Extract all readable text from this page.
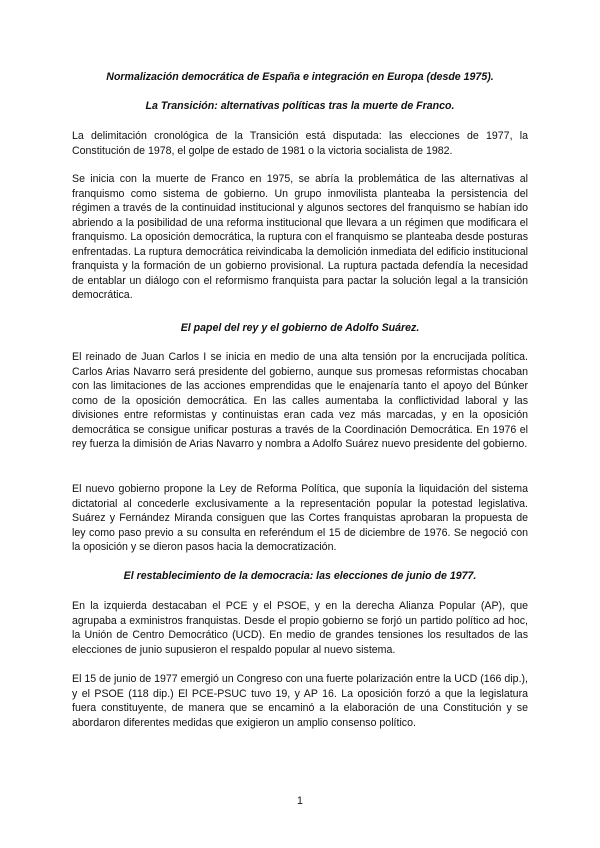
Normalización democrática de España e integración en Europa (desde 1975).
La Transición: alternativas políticas tras la muerte de Franco.

La delimitación cronológica de la Transición está disputada: las elecciones de 1977, la Constitución de 1978, el golpe de estado de 1981 o la victoria socialista de 1982.

Se inicia con la muerte de Franco en 1975, se abría la problemática de las alternativas al franquismo como sistema de gobierno. Un grupo inmovilista planteaba la persistencia del régimen a través de la continuidad institucional y algunos sectores del franquismo se habían ido abriendo a la posibilidad de una reforma institucional que llevara a un régimen que modificara el franquismo. La oposición democrática, la ruptura con el franquismo se planteaba desde posturas enfrentadas. La ruptura democrática reivindicaba la demolición inmediata del edificio institucional franquista y la formación de un gobierno provisional. La ruptura pactada defendía la necesidad de entablar un diálogo con el reformismo franquista para pactar la solución legal a la transición democrática.

El papel del rey y el gobierno de Adolfo Suárez.

El reinado de Juan Carlos I se inicia en medio de una alta tensión por la encrucijada política. Carlos Arias Navarro será presidente del gobierno, aunque sus promesas reformistas chocaban con las limitaciones de las acciones emprendidas que le enajenaría tanto el apoyo del Búnker como de la oposición democrática. En las calles aumentaba la conflictividad laboral y las divisiones entre reformistas y continuistas eran cada vez más marcadas, y en la oposición democrática se consigue unificar posturas a través de la Coordinación Democrática. En 1976 el rey fuerza la dimisión de Arias Navarro y nombra a Adolfo Suárez nuevo presidente del gobierno.

El nuevo gobierno propone la Ley de Reforma Política, que suponía la liquidación del sistema dictatorial al concederle exclusivamente a la representación popular la potestad legislativa. Suárez y Fernández Miranda consiguen que las Cortes franquistas aprobaran la propuesta de ley como paso previo a su consulta en referéndum el 15 de diciembre de 1976. Se negoció con la oposición y se dieron pasos hacia la democratización.

El restablecimiento de la democracia: las elecciones de junio de 1977.

En la izquierda destacaban el PCE y el PSOE, y en la derecha Alianza Popular (AP), que agrupaba a exministros franquistas. Desde el propio gobierno se forjó un partido político ad hoc, la Unión de Centro Democrático (UCD). En medio de grandes tensiones los resultados de las elecciones de junio supusieron el respaldo popular al nuevo sistema.

El 15 de junio de 1977 emergió un Congreso con una fuerte polarización entre la UCD (166 dip.), y el PSOE (118 dip.) El PCE-PSUC tuvo 19, y AP 16. La oposición forzó a que la legislatura fuera constituyente, de manera que se encaminó a la elaboración de una Constitución y se abordaron diferentes medidas que exigieron un amplio consenso político.

1
